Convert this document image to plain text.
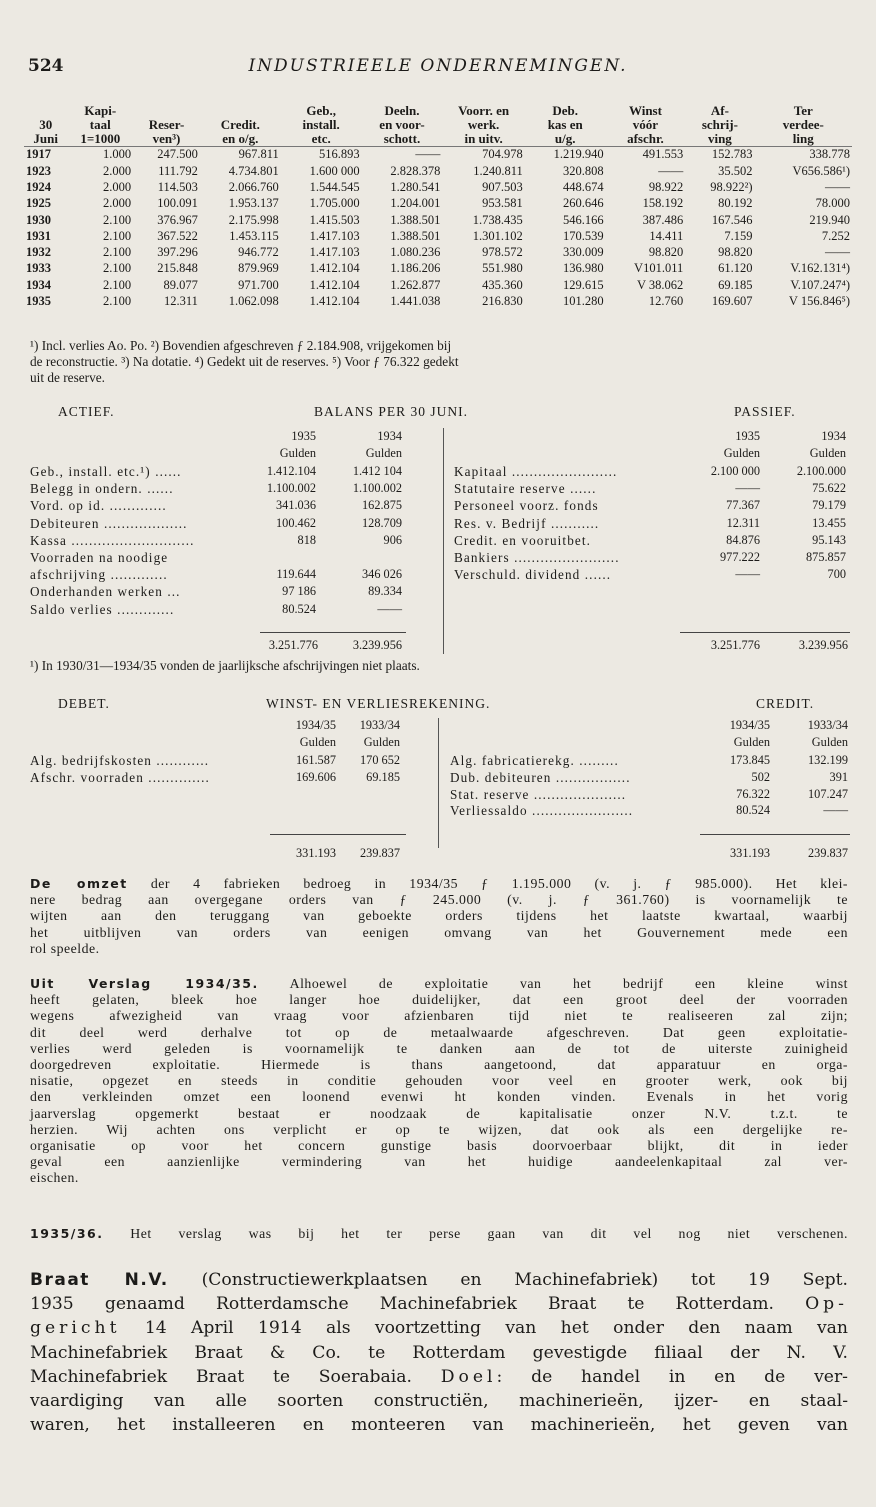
524	INDUSTRIEELE ONDERNEMINGEN.
	Kapi-			Geb.,	Deeln.	Voorr. en	Deb.	Winst	Af-	Ter
30	taal	Reser-	Credit.	install.	en voor-	werk.	kas en	vóór	schrij-	verdee-
Juni	1=1000	ven³)	en o/g.	etc.	schott.	in uitv.	u/g.	afschr.	ving	ling
1917	1.000	247.500	967.811	516.893	——	704.978	1.219.940	491.553	152.783	338.778
1923	2.000	111.792	4.734.801	1.600 000	2.828.378	1.240.811	320.808	——	35.502	V656.586¹)
1924	2.000	114.503	2.066.760	1.544.545	1.280.541	907.503	448.674	98.922	98.922²)	——
1925	2.000	100.091	1.953.137	1.705.000	1.204.001	953.581	260.646	158.192	80.192	78.000
1930	2.100	376.967	2.175.998	1.415.503	1.388.501	1.738.435	546.166	387.486	167.546	219.940
1931	2.100	367.522	1.453.115	1.417.103	1.388.501	1.301.102	170.539	14.411	7.159	7.252
1932	2.100	397.296	946.772	1.417.103	1.080.236	978.572	330.009	98.820	98.820	——
1933	2.100	215.848	879.969	1.412.104	1.186.206	551.980	136.980	V101.011	61.120	V.162.131⁴)
1934	2.100	89.077	971.700	1.412.104	1.262.877	435.360	129.615	V 38.062	69.185	V.107.247⁴)
1935	2.100	12.311	1.062.098	1.412.104	1.441.038	216.830	101.280	12.760	169.607	V 156.846⁵)
¹) Incl. verlies Ao. Po. ²) Bovendien afgeschreven ƒ 2.184.908, vrijgekomen bij
de reconstructie. ³) Na dotatie. ⁴) Gedekt uit de reserves. ⁵) Voor ƒ 76.322 gedekt
uit de reserve.
ACTIEF.	BALANS PER 30 JUNI.	PASSIEF.
1935	1934
Gulden	Gulden
1935	1934
Gulden	Gulden
Geb., install. etc.¹) ......	1.412.104	1.412 104
Belegg in ondern. ......	1.100.002	1.100.002
Vord. op id. .............	341.036	162.875
Debiteuren ...................	100.462	128.709
Kassa ............................	818	906
Voorraden na noodige
afschrijving .............	119.644	346 026
Onderhanden werken ...	97 186	89.334
Saldo verlies .............	80.524	——
Kapitaal ........................	2.100 000	2.100.000
Statutaire reserve ......	——	75.622
Personeel voorz. fonds	77.367	79.179
Res. v. Bedrijf ...........	12.311	13.455
Credit. en vooruitbet.	84.876	95.143
Bankiers ........................	977.222	875.857
Verschuld. dividend ......	——	700
3.251.776	3.239.956	3.251.776	3.239.956
¹) In 1930/31—1934/35 vonden de jaarlijksche afschrijvingen niet plaats.
DEBET.	WINST- EN VERLIESREKENING.	CREDIT.
1934/35	1933/34
Gulden	Gulden
1934/35	1933/34
Gulden	Gulden
Alg. bedrijfskosten ............	161.587	170 652
Afschr. voorraden ..............	169.606	69.185
Alg. fabricatierekg. .........	173.845	132.199
Dub. debiteuren .................	502	391
Stat. reserve .....................	76.322	107.247
Verliessaldo .......................	80.524	——
331.193	239.837	331.193	239.837
De omzet der 4 fabrieken bedroeg in 1934/35 ƒ 1.195.000 (v. j. ƒ 985.000). Het klei-
nere bedrag aan overgegane orders van ƒ 245.000 (v. j. ƒ 361.760) is voornamelijk te
wijten aan den teruggang van geboekte orders tijdens het laatste kwartaal, waarbij
het uitblijven van orders van eenigen omvang van het Gouvernement mede een
rol speelde.
Uit Verslag 1934/35. Alhoewel de exploitatie van het bedrijf een kleine winst
heeft gelaten, bleek hoe langer hoe duidelijker, dat een groot deel der voorraden
wegens afwezigheid van vraag voor afzienbaren tijd niet te realiseeren zal zijn;
dit deel werd derhalve tot op de metaalwaarde afgeschreven. Dat geen exploitatie-
verlies werd geleden is voornamelijk te danken aan de tot de uiterste zuinigheid
doorgedreven exploitatie. Hiermede is thans aangetoond, dat apparatuur en orga-
nisatie, opgezet en steeds in conditie gehouden voor veel en grooter werk, ook bij
den verkleinden omzet een loonend evenwi ht konden vinden. Evenals in het vorig
jaarverslag opgemerkt bestaat er noodzaak de kapitalisatie onzer N.V. t.z.t. te
herzien. Wij achten ons verplicht er op te wijzen, dat ook als een dergelijke re-
organisatie op voor het concern gunstige basis doorvoerbaar blijkt, dit in ieder
geval een aanzienlijke vermindering van het huidige aandeelenkapitaal zal ver-
eischen.
1935/36. Het verslag was bij het ter perse gaan van dit vel nog niet verschenen.
Braat N.V. (Constructiewerkplaatsen en Machinefabriek) tot 19 Sept.
1935 genaamd Rotterdamsche Machinefabriek Braat te Rotterdam. Op-
gericht 14 April 1914 als voortzetting van het onder den naam van
Machinefabriek Braat & Co. te Rotterdam gevestigde filiaal der N. V.
Machinefabriek Braat te Soerabaia. Doel: de handel in en de ver-
vaardiging van alle soorten constructiën, machinerieën, ijzer- en staal-
waren, het installeeren en monteeren van machinerieën, het geven van
